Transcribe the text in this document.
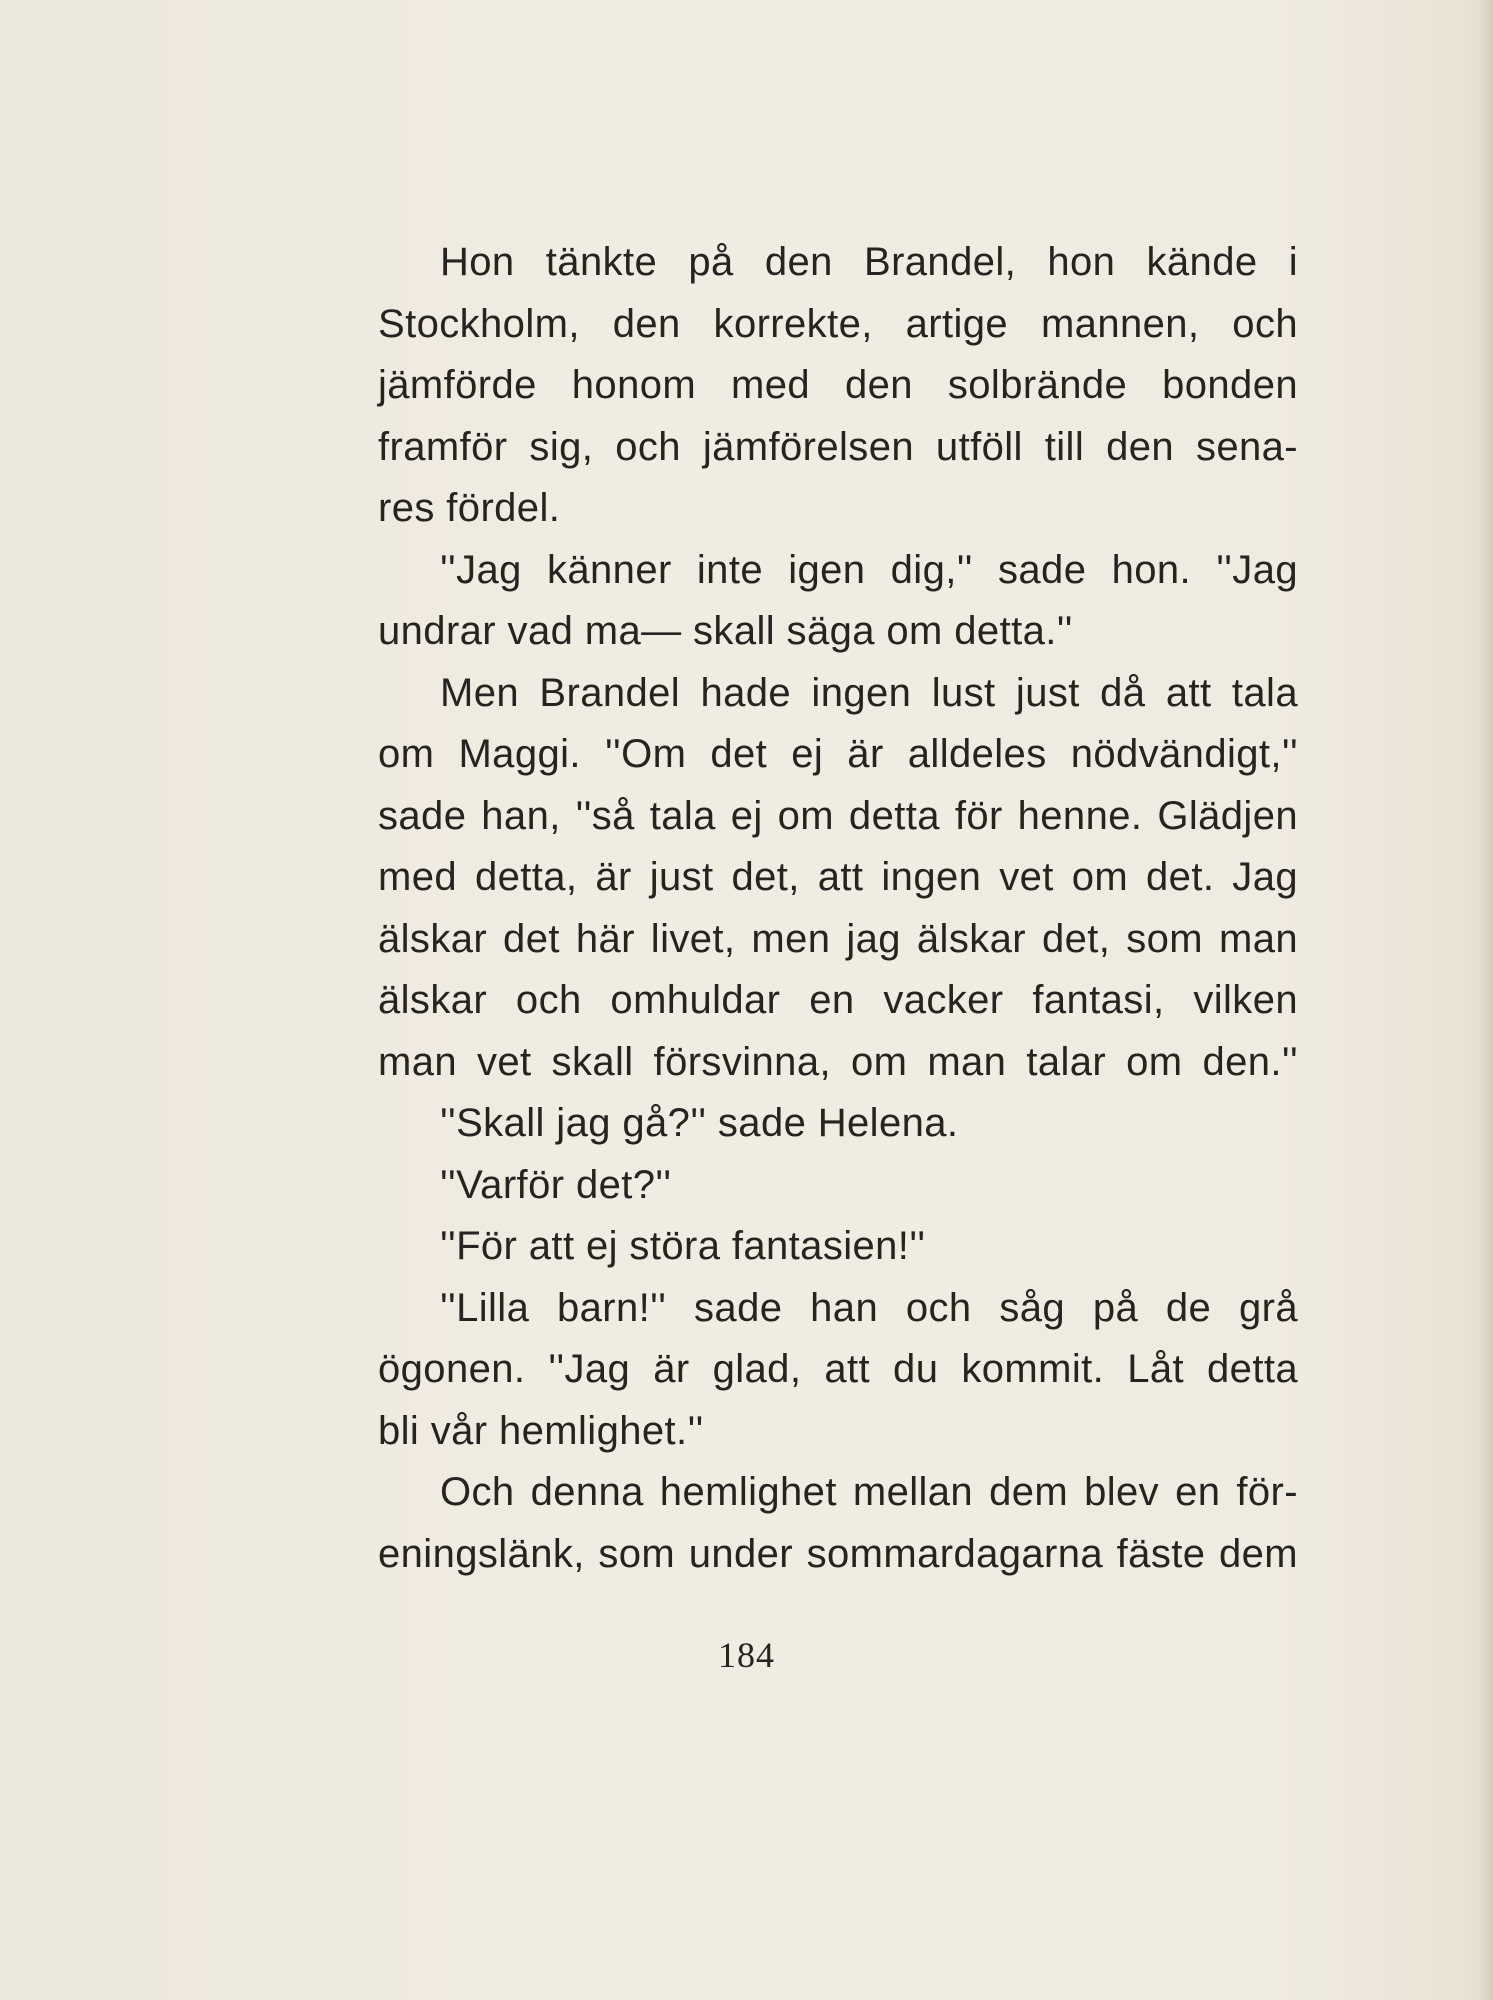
Hon tänkte på den Brandel, hon kände i
Stockholm, den korrekte, artige mannen, och
jämförde honom med den solbrände bonden
framför sig, och jämförelsen utföll till den sena-
res fördel.
''Jag känner inte igen dig,'' sade hon. ''Jag
undrar vad ma— skall säga om detta.''
Men Brandel hade ingen lust just då att tala
om Maggi. ''Om det ej är alldeles nödvändigt,''
sade han, ''så tala ej om detta för henne. Glädjen
med detta, är just det, att ingen vet om det. Jag
älskar det här livet, men jag älskar det, som man
älskar och omhuldar en vacker fantasi, vilken
man vet skall försvinna, om man talar om den.''
''Skall jag gå?'' sade Helena.
''Varför det?''
''För att ej störa fantasien!''
''Lilla barn!'' sade han och såg på de grå
ögonen. ''Jag är glad, att du kommit. Låt detta
bli vår hemlighet.''
Och denna hemlighet mellan dem blev en för-
eningslänk, som under sommardagarna fäste dem
184
